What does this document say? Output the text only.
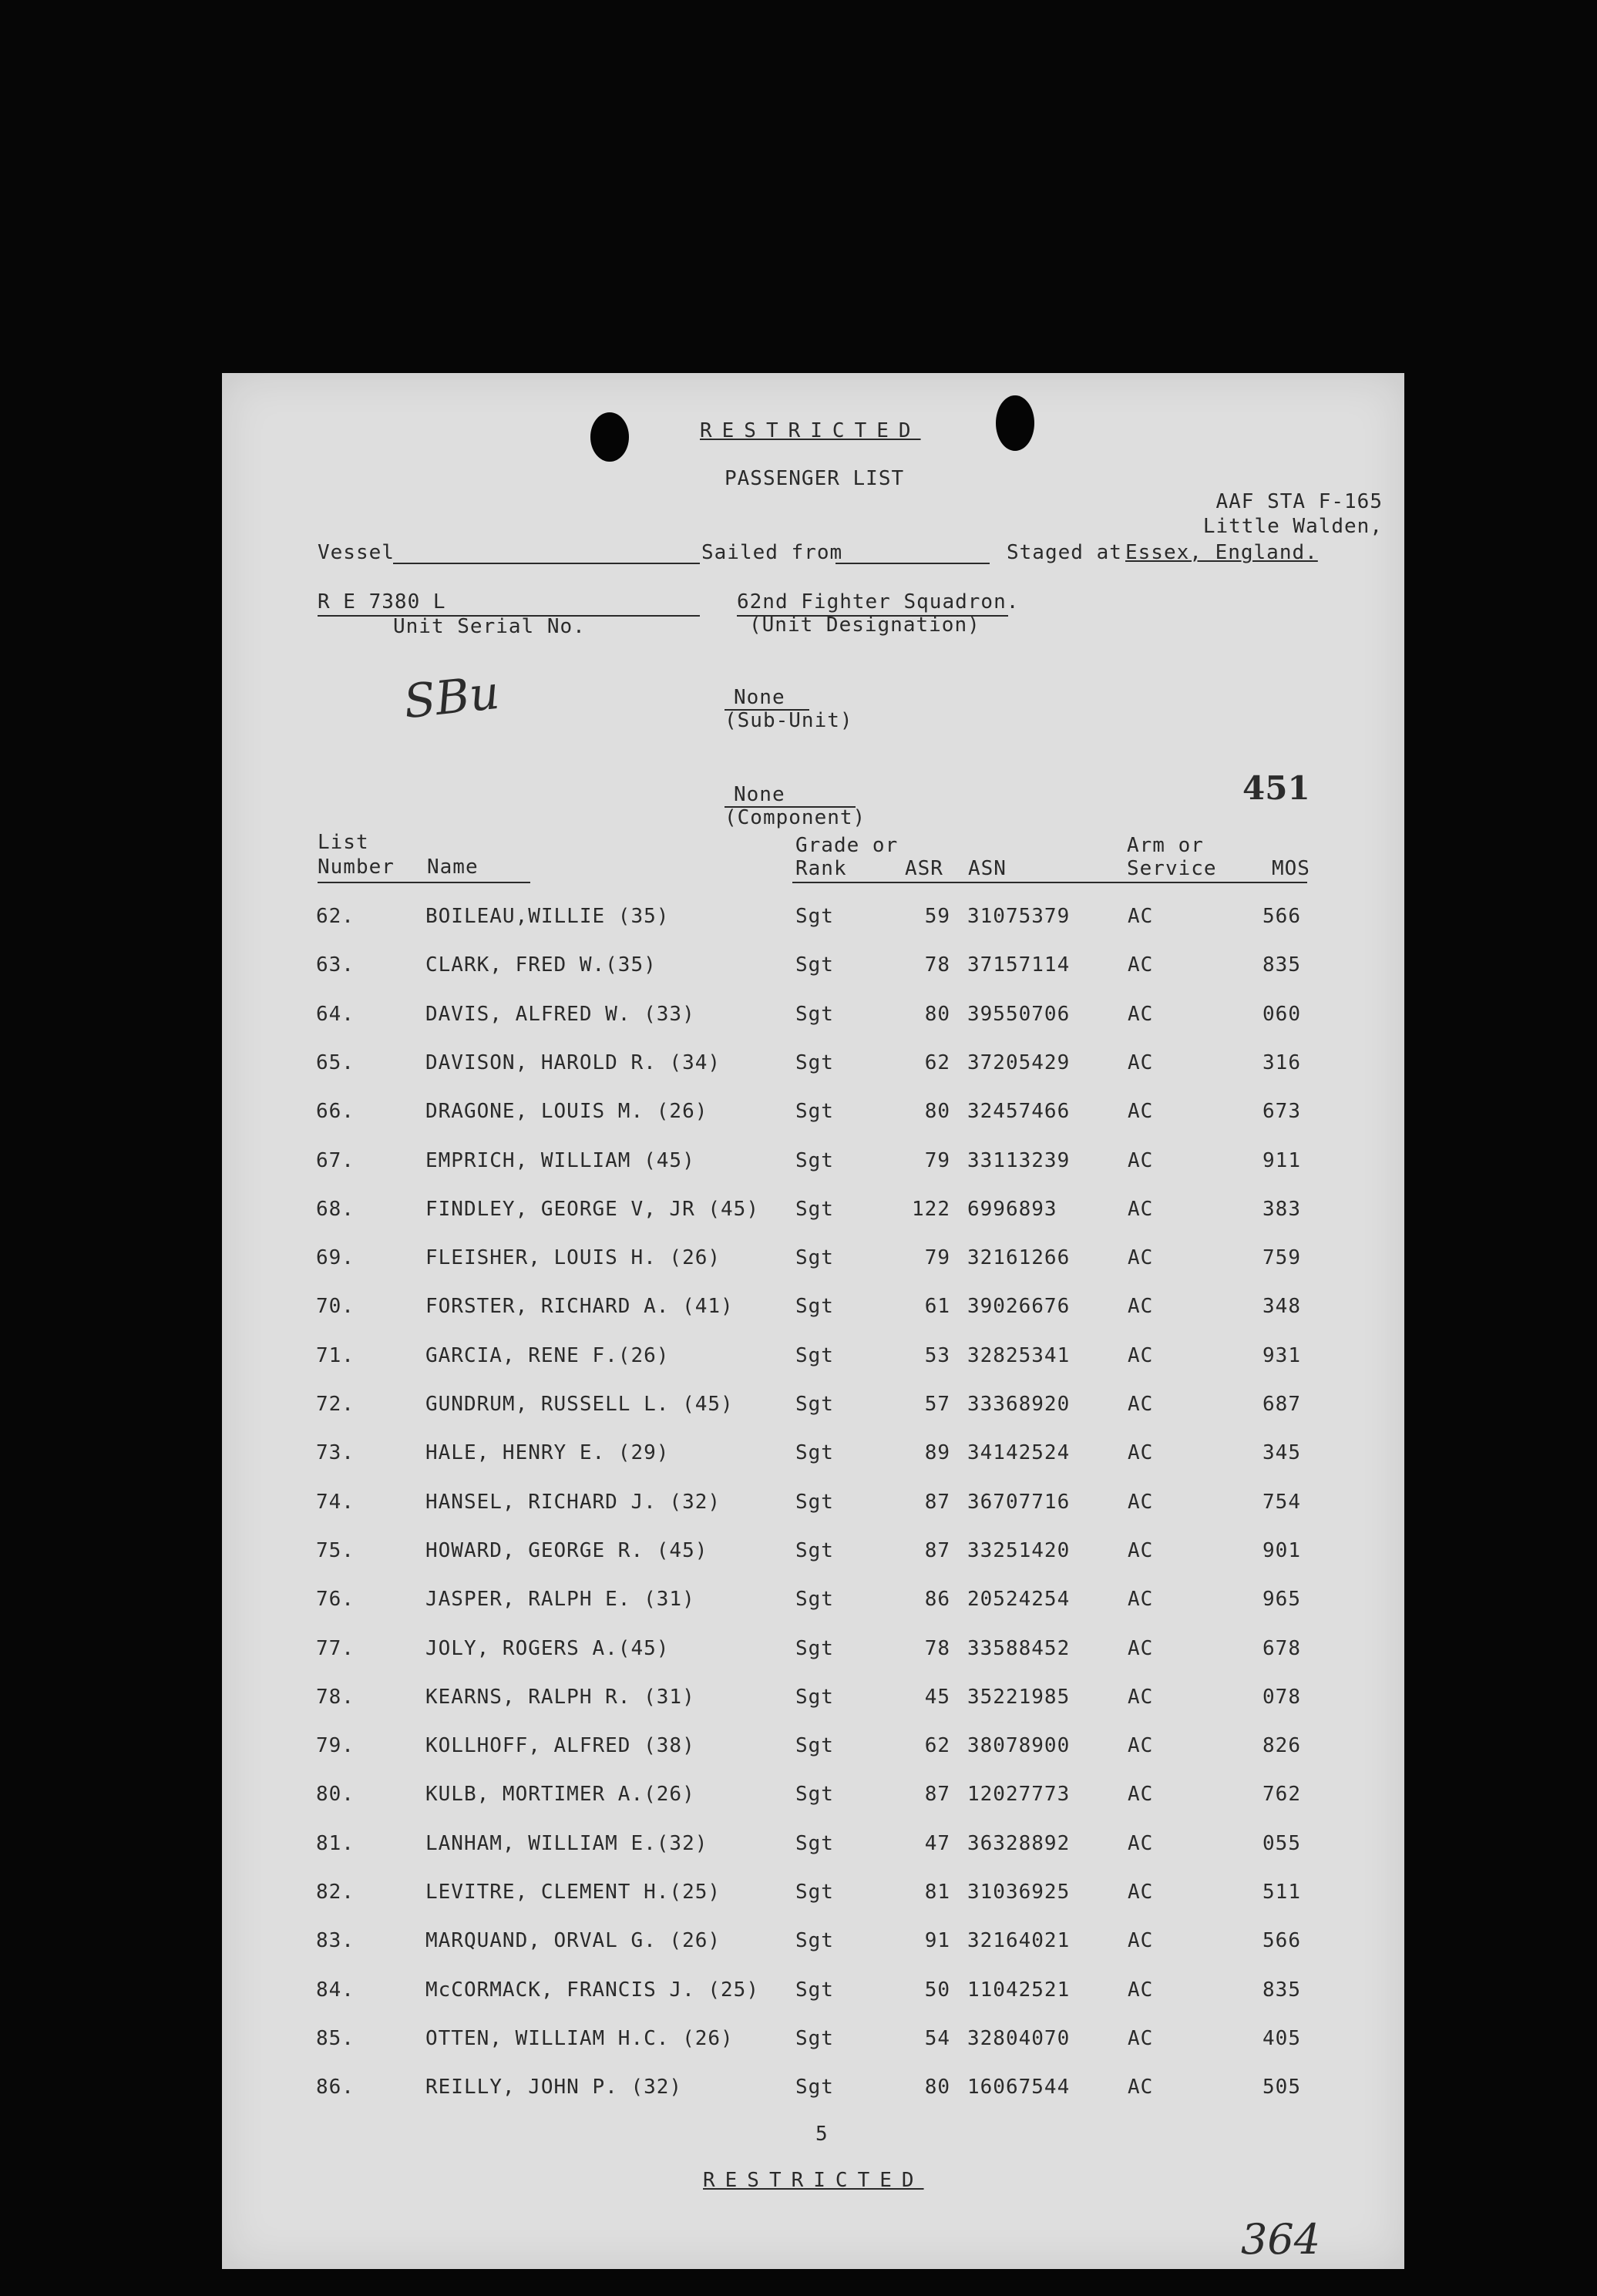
RESTRICTED
PASSENGER LIST
AAF STA F-165
Little Walden,
Vessel	Sailed from	Staged at Essex, England.
R E 7380 L
Unit Serial No.
62nd Fighter Squadron.
(Unit Designation)
SBu	None
(Sub-Unit)
None
(Component)
451
List
Number Name
Grade or
Rank	ASR ASN
Arm or
Service	MOS
62.	BOILEAU,WILLIE (35)	Sgt	59 31075379	AC	566
63.	CLARK, FRED W.(35)	Sgt	78 37157114	AC	835
64.	DAVIS, ALFRED W. (33)	Sgt	80 39550706	AC	060
65.	DAVISON, HAROLD R. (34)	Sgt	62 37205429	AC	316
66.	DRAGONE, LOUIS M. (26)	Sgt	80 32457466	AC	673
67.	EMPRICH, WILLIAM (45)	Sgt	79 33113239	AC	911
68.	FINDLEY, GEORGE V, JR (45) Sgt	122 6996893	AC	383
69.	FLEISHER, LOUIS H. (26)	Sgt	79 32161266	AC	759
70.	FORSTER, RICHARD A. (41)	Sgt	61 39026676	AC	348
71.	GARCIA, RENE F.(26)	Sgt	53 32825341	AC	931
72.	GUNDRUM, RUSSELL L. (45)	Sgt	57 33368920	AC	687
73.	HALE, HENRY E. (29)	Sgt	89 34142524	AC	345
74.	HANSEL, RICHARD J. (32)	Sgt	87 36707716	AC	754
75.	HOWARD, GEORGE R. (45)	Sgt	87 33251420	AC	901
76.	JASPER, RALPH E. (31)	Sgt	86 20524254	AC	965
77.	JOLY, ROGERS A.(45)	Sgt	78 33588452	AC	678
78.	KEARNS, RALPH R. (31)	Sgt	45 35221985	AC	078
79.	KOLLHOFF, ALFRED (38)	Sgt	62 38078900	AC	826
80.	KULB, MORTIMER A.(26)	Sgt	87 12027773	AC	762
81.	LANHAM, WILLIAM E.(32)	Sgt	47 36328892	AC	055
82.	LEVITRE, CLEMENT H.(25)	Sgt	81 31036925	AC	511
83.	MARQUAND, ORVAL G. (26)	Sgt	91 32164021	AC	566
84.	McCORMACK, FRANCIS J. (25) Sgt	50 11042521	AC	835
85.	OTTEN, WILLIAM H.C. (26)	Sgt	54 32804070	AC	405
86.	REILLY, JOHN P. (32)	Sgt	80 16067544	AC	505
5
RESTRICTED
364
